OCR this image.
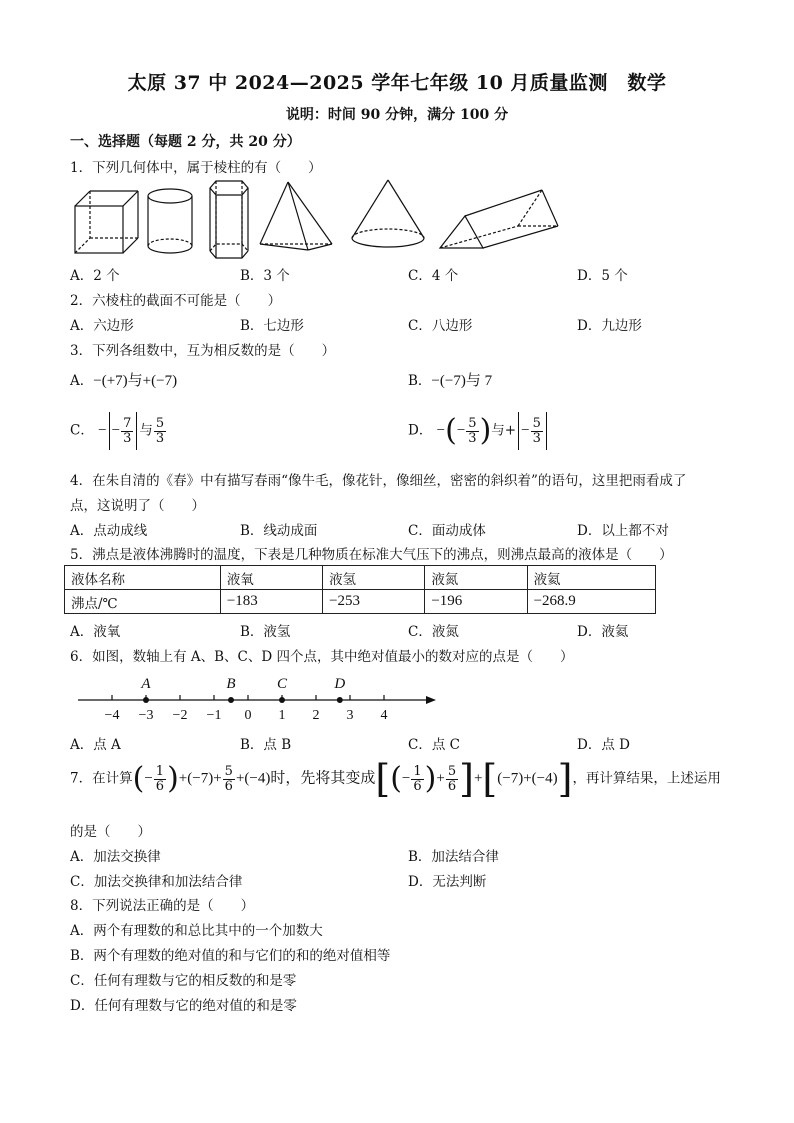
太原 37 中 2024—2025 学年七年级 10 月质量监测　数学
说明：时间 90 分钟，满分 100 分
一、选择题（每题 2 分，共 20 分）
1．下列几何体中，属于棱柱的有（　　）
A．2 个	B．3 个	C．4 个	D．5 个
2．六棱柱的截面不可能是（　　）
A．六边形	B．七边形	C．八边形	D．九边形
3．下列各组数中，互为相反数的是（　　）
A．−(+7)与+(−7)	B．−(−7)与 7
C． − − $\frac{7}{3}$ 与 $\frac{5}{3}$	D． −(− $\frac{5}{3}$ )与+ − $\frac{5}{3}$
4．在朱自清的《春》中有描写春雨“像牛毛，像花针，像细丝，密密的斜织着”的语句，这里把雨看成了
点，这说明了（　　）
A．点动成线	B．线动成面	C．面动成体	D．以上都不对
5．沸点是液体沸腾时的温度，下表是几种物质在标准大气压下的沸点，则沸点最高的液体是（　　）
液体名称	液氧	液氢	液氮	液氦
沸点/℃	−183	−253	−196	−268.9
A．液氧	B．液氢	C．液氮	D．液氦
6．如图，数轴上有 A、B、C、D 四个点，其中绝对值最小的数对应的点是（　　）
−4 −3 −2 −1 0 1 2 3 4
A	B	C	D
A．点 A	B．点 B	C．点 C	D．点 D
7．在计算(− $\frac{1}{6} )+(-7)+ \frac{5}{6} +(-4)$时，先将其变成[(− $\frac{1}{6}$ )+ $\frac{5}{6} ]+[(-7)+(-4)]$，再计算结果，上述运用
的是（　　）
A．加法交换律	B．加法结合律
C．加法交换律和加法结合律	D．无法判断
8．下列说法正确的是（　　）
A．两个有理数的和总比其中的一个加数大
B．两个有理数的绝对值的和与它们的和的绝对值相等
C．任何有理数与它的相反数的和是零
D．任何有理数与它的绝对值的和是零
